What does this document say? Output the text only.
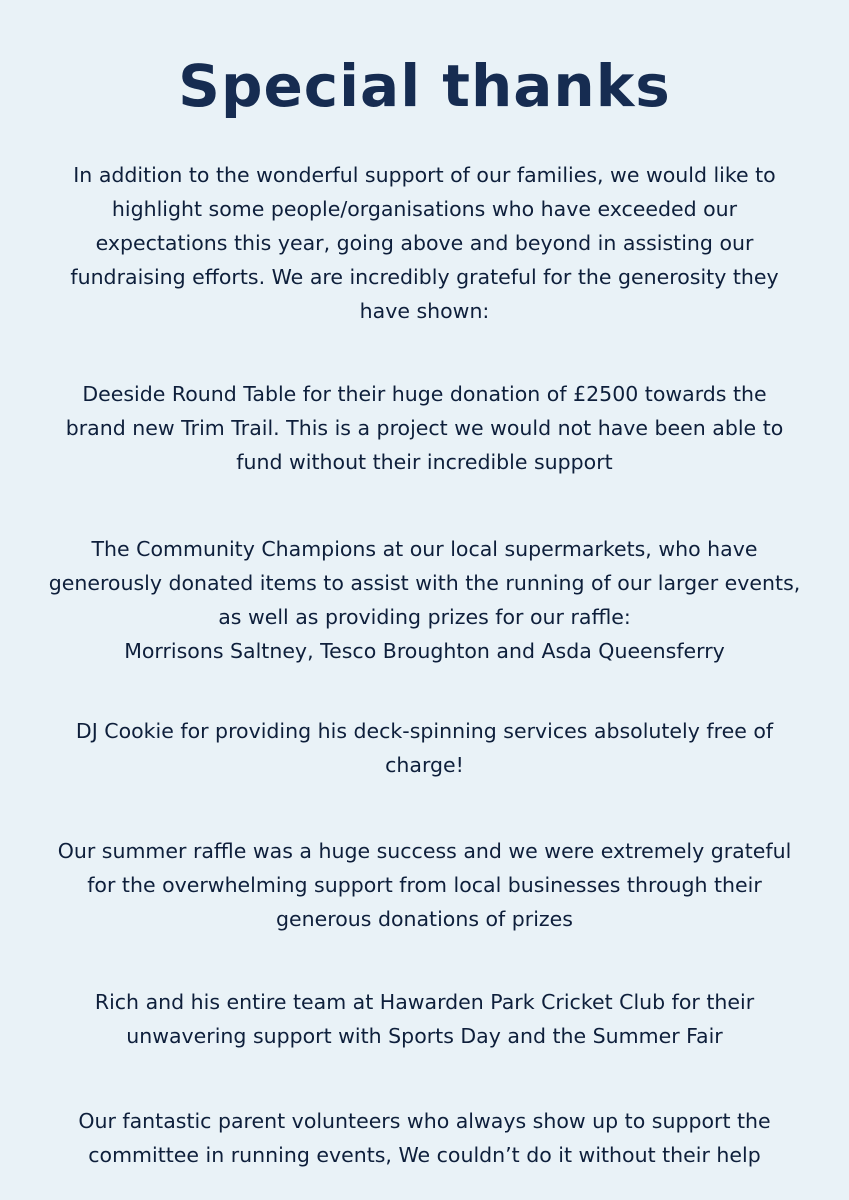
Special thanks

In addition to the wonderful support of our families, we would like to
highlight some people/organisations who have exceeded our
expectations this year, going above and beyond in assisting our
fundraising efforts. We are incredibly grateful for the generosity they
have shown:

Deeside Round Table for their huge donation of £2500 towards the
brand new Trim Trail. This is a project we would not have been able to
fund without their incredible support

The Community Champions at our local supermarkets, who have
generously donated items to assist with the running of our larger events,
as well as providing prizes for our raffle:
Morrisons Saltney, Tesco Broughton and Asda Queensferry

DJ Cookie for providing his deck-spinning services absolutely free of
charge!

Our summer raffle was a huge success and we were extremely grateful
for the overwhelming support from local businesses through their
generous donations of prizes

Rich and his entire team at Hawarden Park Cricket Club for their
unwavering support with Sports Day and the Summer Fair

Our fantastic parent volunteers who always show up to support the
committee in running events, We couldn’t do it without their help
